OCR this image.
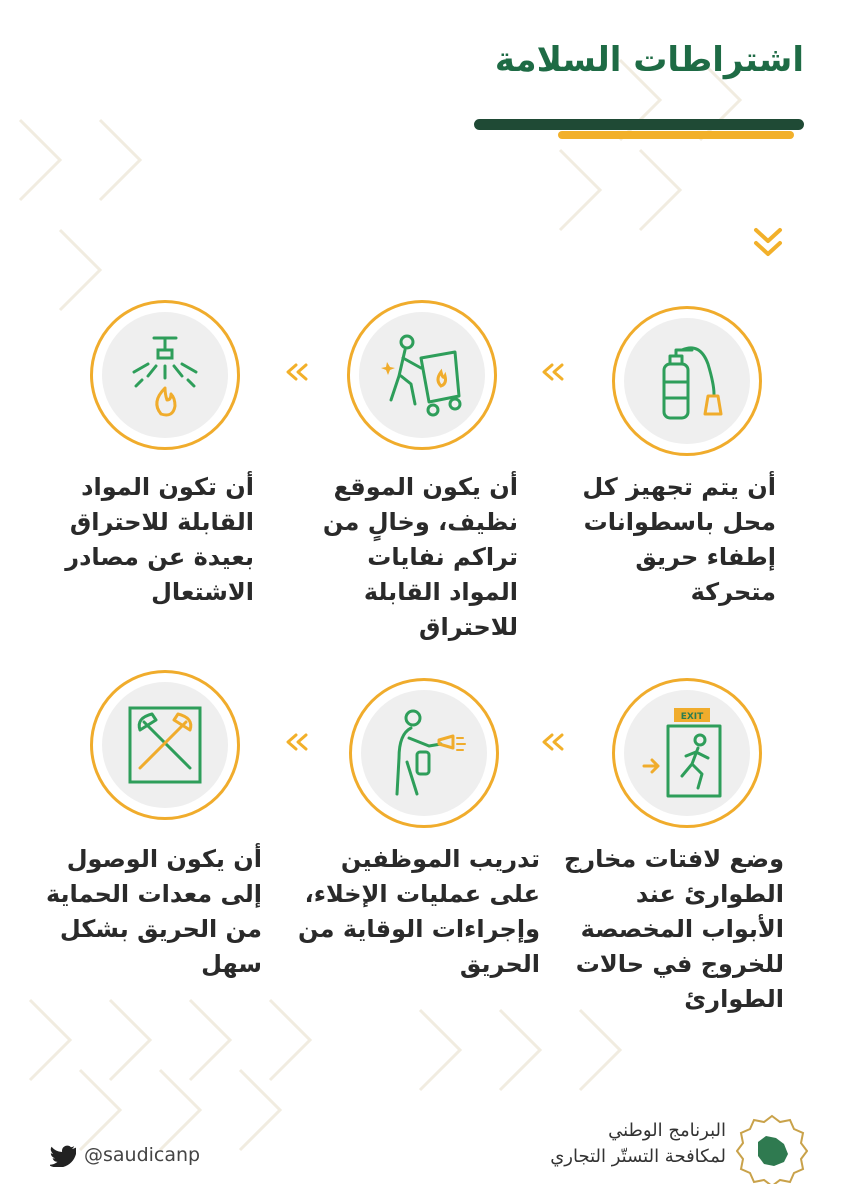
اشتراطات السلامة
أن يتم تجهيز كل
محل باسطوانات
إطفاء حريق
متحركة
أن يكون الموقع
نظيف، وخالٍ من
تراكم نفايات
المواد القابلة
للاحتراق
أن تكون المواد
القابلة للاحتراق
بعيدة عن مصادر
الاشتعال
EXIT
وضع لافتات مخارج
الطوارئ عند
الأبواب المخصصة
للخروج في حالات
الطوارئ
تدريب الموظفين
على عمليات الإخلاء،
وإجراءات الوقاية من
الحريق
أن يكون الوصول
إلى معدات الحماية
من الحريق بشكل
سهل
البرنامج الوطني
لمكافحة التستّر التجاري
@saudicanp
